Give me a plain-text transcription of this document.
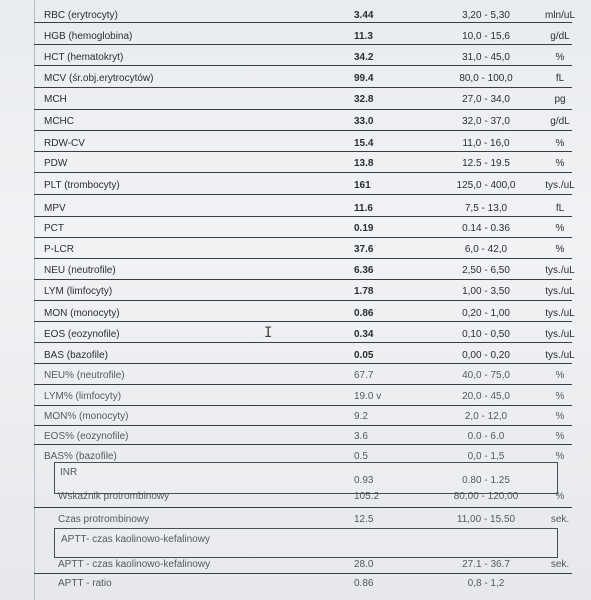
RBC (erytrocyty)	3.44	3,20 - 5,30	mln/uL
HGB (hemoglobina)	11.3	10,0 - 15,6	g/dL
HCT (hematokryt)	34.2	31,0 - 45,0	%
MCV (śr.obj.erytrocytów)	99.4	80,0 - 100,0	fL
MCH	32.8	27,0 - 34,0	pg
MCHC	33.0	32,0 - 37,0	g/dL
RDW-CV	15.4	11,0 - 16,0	%
PDW	13.8	12.5 - 19.5	%
PLT (trombocyty)	161	125,0 - 400,0	tys./uL
MPV	11.6	7,5 - 13,0	fL
PCT	0.19	0.14 - 0.36	%
P-LCR	37.6	6,0 - 42,0	%
NEU (neutrofile)	6.36	2,50 - 6,50	tys./uL
LYM (limfocyty)	1.78	1,00 - 3,50	tys./uL
MON (monocyty)	0.86	0,20 - 1,00	tys./uL
EOS (eozynofile)	0.34	0,10 - 0,50	tys./uL
BAS (bazofile)	0.05	0,00 - 0,20	tys./uL
NEU% (neutrofile)	67.7	40,0 - 75,0	%
LYM% (limfocyty)	19.0 v	20,0 - 45,0	%
MON% (monocyty)	9.2	2,0 - 12,0	%
EOS% (eozynofile)	3.6	0.0 - 6.0	%
BAS% (bazofile)	0.5	0,0 - 1,5	%
INR
0.93	0.80 - 1.25
Wskaźnik protrombinowy	105.2	80,00 - 120,00	%
Czas protrombinowy	12.5	11,00 - 15.50	sek.
APTT- czas kaolinowo-kefalinowy
APTT - czas kaolinowo-kefalinowy	28.0	27.1 - 36.7	sek.
APTT - ratio	0.86	0,8 - 1,2
I
